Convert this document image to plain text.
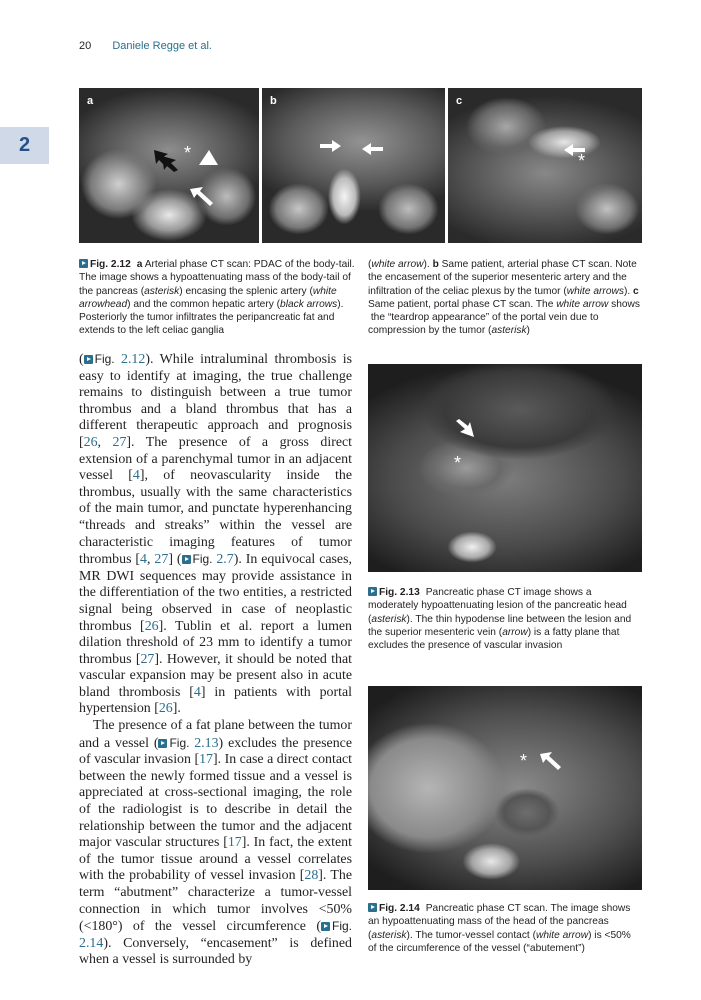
20 Daniele Regge et al.
2
a
*
b	c
*
Fig. 2.12 a Arterial phase CT scan: PDAC of the body-tail. The image shows a hypoattenuating mass of the body-tail of the pancreas (asterisk) encasing the splenic artery (white arrowhead) and the common hepatic artery (black arrows). Posteriorly the tumor infiltrates the peripancreatic fat and extends to the left celiac ganglia
(white arrow). b Same patient, arterial phase CT scan. Note the encasement of the superior mesenteric artery and the infiltration of the celiac plexus by the tumor (white arrows). c Same patient, portal phase CT scan. The white arrow shows  the “teardrop appearance” of the portal vein due to compression by the tumor (asterisk)

( Fig. 2.12). While intraluminal thrombosis is easy to identify at imaging, the true challenge remains to distinguish between a true tumor thrombus and a bland thrombus that has a different therapeutic approach and prognosis [26, 27]. The presence of a gross direct extension of a parenchymal tumor in an adjacent vessel [4], of neovascularity inside the thrombus, usually with the same characteristics of the main tumor, and punctate hyperenhancing “threads and streaks” within the vessel are characteristic imaging features of tumor thrombus [4, 27] ( Fig. 2.7). In equivocal cases, MR DWI sequences may provide assistance in the differentiation of the two entities, a restricted signal being observed in case of neoplastic thrombus [26]. Tublin et al. report a lumen dilation threshold of 23 mm to identify a tumor thrombus [27]. However, it should be noted that vascular expansion may be present also in acute bland thrombosis [4] in patients with portal hypertension [26].

The presence of a fat plane between the tumor and a vessel ( Fig. 2.13) excludes the presence of vascular invasion [17]. In case a direct contact between the newly formed tissue and a vessel is appreciated at cross-sectional imaging, the role of the radiologist is to describe in detail the relationship between the tumor and the adjacent major vascular structures [17]. In fact, the extent of the tumor tissue around a vessel correlates with the probability of vessel invasion [28]. The term “abutment” characterize a tumor-vessel connection in which tumor involves <50% (<180°) of the vessel circumference ( Fig. 2.14). Conversely, “encasement” is defined when a vessel is surrounded by

*
Fig. 2.13 Pancreatic phase CT image shows a moderately hypoattenuating lesion of the pancreatic head (asterisk). The thin hypodense line between the lesion and the superior mesenteric vein (arrow) is a fatty plane that excludes the presence of vascular invasion
*
Fig. 2.14 Pancreatic phase CT scan. The image shows an hypoattenuating mass of the head of the pancreas (asterisk). The tumor-vessel contact (white arrow) is <50% of the circumference of the vessel (“abutement”)
